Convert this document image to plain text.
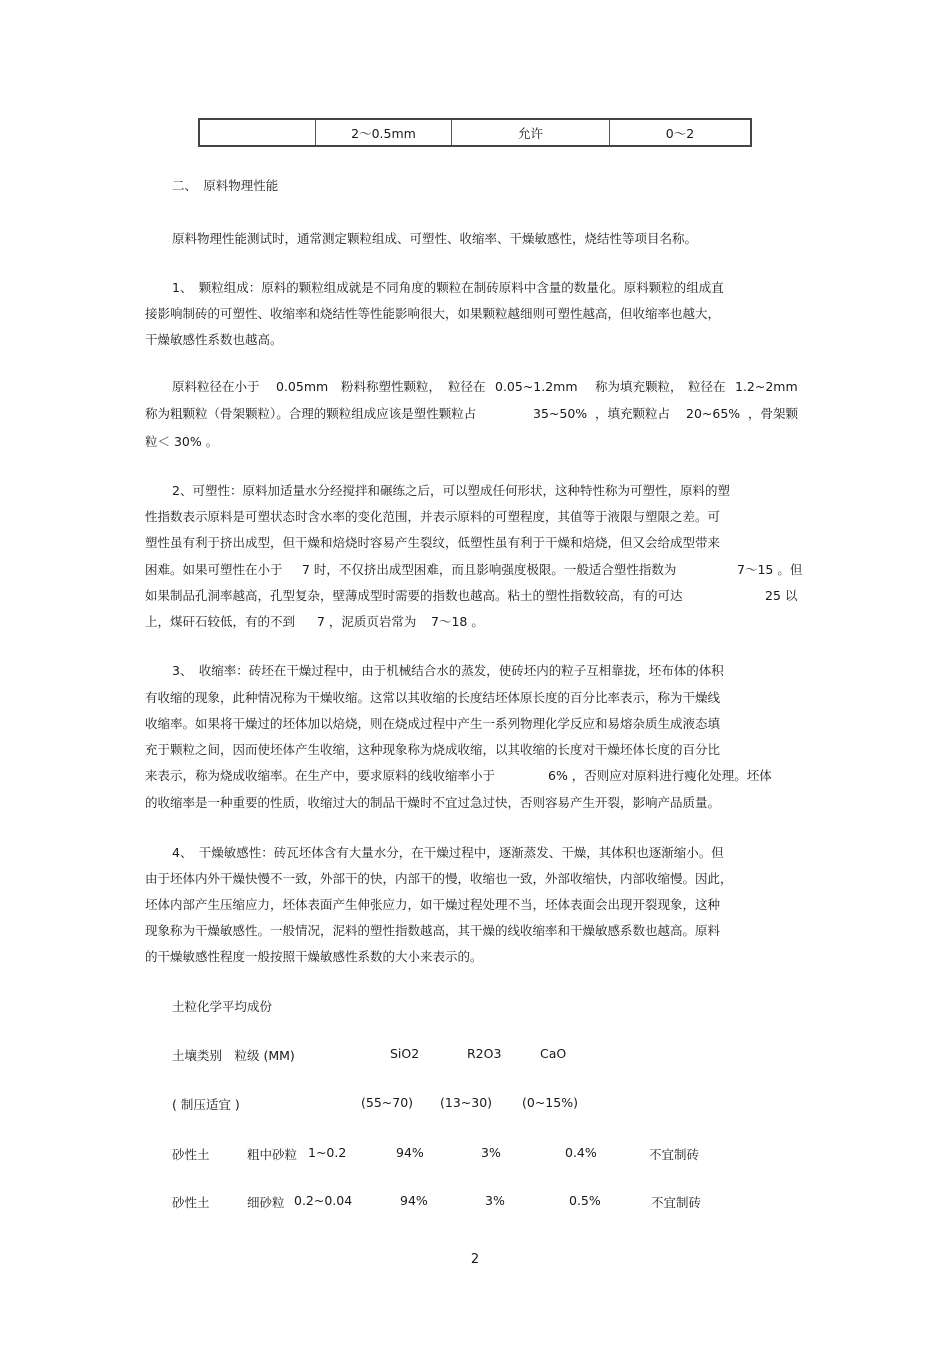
2～0.5mm	允许	0～2
二、　原料物理性能
原料物理性能测试时，通常测定颗粒组成、可塑性、收缩率、干燥敏感性，烧结性等项目名称。
1、　颗粒组成：原料的颗粒组成就是不同角度的颗粒在制砖原料中含量的数量化。原料颗粒的组成直
接影响制砖的可塑性、收缩率和烧结性等性能影响很大，如果颗粒越细则可塑性越高，但收缩率也越大，
干燥敏感性系数也越高。
原料粒径在小于 0.05mm 粉料称塑性颗粒， 粒径在 0.05~1.2mm 称为填充颗粒， 粒径在 1.2~2mm
称为粗颗粒（骨架颗粒）。合理的颗粒组成应该是塑性颗粒占	35~50% ，填充颗粒占 20~65% ，骨架颗
粒＜ 30% 。
2、可塑性：原料加适量水分经搅拌和碾练之后，可以塑成任何形状，这种特性称为可塑性，原料的塑
性指数表示原料是可塑状态时含水率的变化范围，并表示原料的可塑程度，其值等于液限与塑限之差。可
塑性虽有利于挤出成型，但干燥和焙烧时容易产生裂纹，低塑性虽有利于干燥和焙烧，但又会给成型带来
困难。如果可塑性在小于 7 时，不仅挤出成型困难，而且影响强度极限。一般适合塑性指数为	7～15 。但
如果制品孔洞率越高，孔型复杂，壁薄成型时需要的指数也越高。粘土的塑性指数较高，有的可达	25 以
上，煤矸石较低，有的不到 7 ，泥质页岩常为 7～18 。
3、　收缩率：砖坯在干燥过程中，由于机械结合水的蒸发，使砖坯内的粒子互相靠拢，坯布体的体积
有收缩的现象，此种情况称为干燥收缩。这常以其收缩的长度结坯体原长度的百分比率表示，称为干燥线
收缩率。如果将干燥过的坯体加以焙烧，则在烧成过程中产生一系列物理化学反应和易熔杂质生成液态填
充于颗粒之间，因而使坯体产生收缩，这种现象称为烧成收缩，以其收缩的长度对干燥坯体长度的百分比
来表示，称为烧成收缩率。在生产中，要求原料的线收缩率小于	6% ，否则应对原料进行瘦化处理。坯体
的收缩率是一种重要的性质，收缩过大的制品干燥时不宜过急过快，否则容易产生开裂，影响产品质量。
4、　干燥敏感性：砖瓦坯体含有大量水分，在干燥过程中，逐渐蒸发、干燥，其体积也逐渐缩小。但
由于坯体内外干燥快慢不一致，外部干的快，内部干的慢，收缩也一致，外部收缩快，内部收缩慢。因此，
坯体内部产生压缩应力，坯体表面产生伸张应力，如干燥过程处理不当，坯体表面会出现开裂现象，这种
现象称为干燥敏感性。一般情况，泥料的塑性指数越高，其干燥的线收缩率和干燥敏感系数也越高。原料
的干燥敏感性程度一般按照干燥敏感性系数的大小来表示的。
土粒化学平均成份
土壤类别　粒级 (MM)	SiO2	R2O3	CaO
( 制压适宜 )	(55~70) (13~30) (0~15%)
砂性土	粗中砂粒 1~0.2	94%	3%	0.4%	不宜制砖
砂性土	细砂粒 0.2~0.04	94%	3%	0.5%	不宜制砖
2
